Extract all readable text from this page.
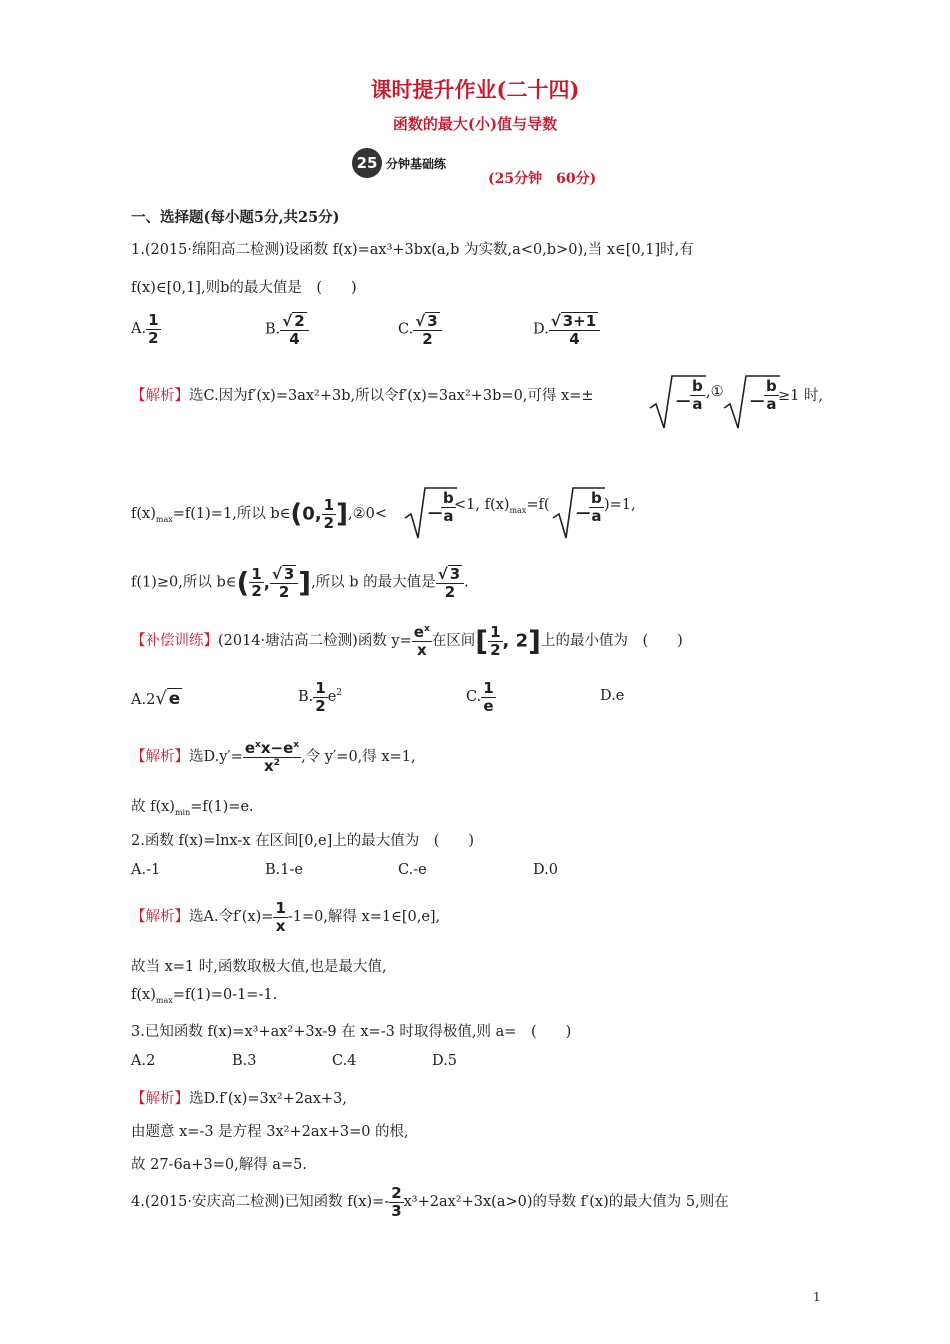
课时提升作业(二十四)
函数的最大(小)值与导数
25 分钟基础练
(25分钟　60分)
一、选择题(每小题5分,共25分)
1.(2015·绵阳高二检测)设函数 f(x)=ax³+3bx(a,b 为实数,a<0,b>0),当 x∈[0,1]时,有
f(x)∈[0,1],则b的最大值是　(　　)
A. $\frac{1}{2}$	B. $\frac{√ 2}{4}$	C. $\frac{√ 3}{2}$	D. $\frac{√ 3+1}{4}$
【解析】选C.因为f′(x)=3ax²+3b,所以令f′(x)=3ax²+3b=0,可得 x=±	— $\frac{b}{a}$ ,① — $\frac{b}{a} \ge 1$ 时,
$f(x)_{max}=f(1)=1$,所以 b∈(0, $\frac{1}{2}$ ],②0<	—
$\frac{b}{a}$
<1, $f(x)_{max}=f$( —
$\frac{b}{a} )=1$,
f(1)≥0,所以 b∈( $\frac{1}{2}$ , $\frac{√ 3}{2}$ ],所以 b 的最大值是 $\frac{√ 3}{2}$ .
【补偿训练】(2014·塘沽高二检测)函数 $y= \frac{e^x}{x}$ 在区间[ $\frac{1}{2}$ , 2]上的最小值为　(　　)
A.2√ e	B. $\frac{1}{2} e^2$	C. $\frac{1}{e}$	D.e
【解析】选$D.y'= \frac{e^xx-e^x}{x^2}$ ,令 y′=0,得 x=1,
故 $f(x)_{min}=f(1)=e$.
2.函数 f(x)=lnx-x 在区间[0,e]上的最大值为　(　　)
A.-1	B.1-e	C.-e	D.0
【解析】选A.令$f'(x)= \frac{1}{x} -1=0$,解得 x=1∈[0,e],
故当 x=1 时,函数取极大值,也是最大值,
$f(x)_{max}=f(1)=0-1=-1$.
3.已知函数 f(x)=x³+ax²+3x-9 在 x=-3 时取得极值,则 a=　(　　)
A.2	B.3	C.4	D.5
【解析】选D.f′(x)=3x²+2ax+3,
由题意 x=-3 是方程 3x²+2ax+3=0 的根,
故 27-6a+3=0,解得 a=5.
4.(2015·安庆高二检测)已知函数 $f(x)=- \frac{2}{3} x^3+2ax^2+3x(a>0)$的导数 f′(x)的最大值为 5,则在
1
